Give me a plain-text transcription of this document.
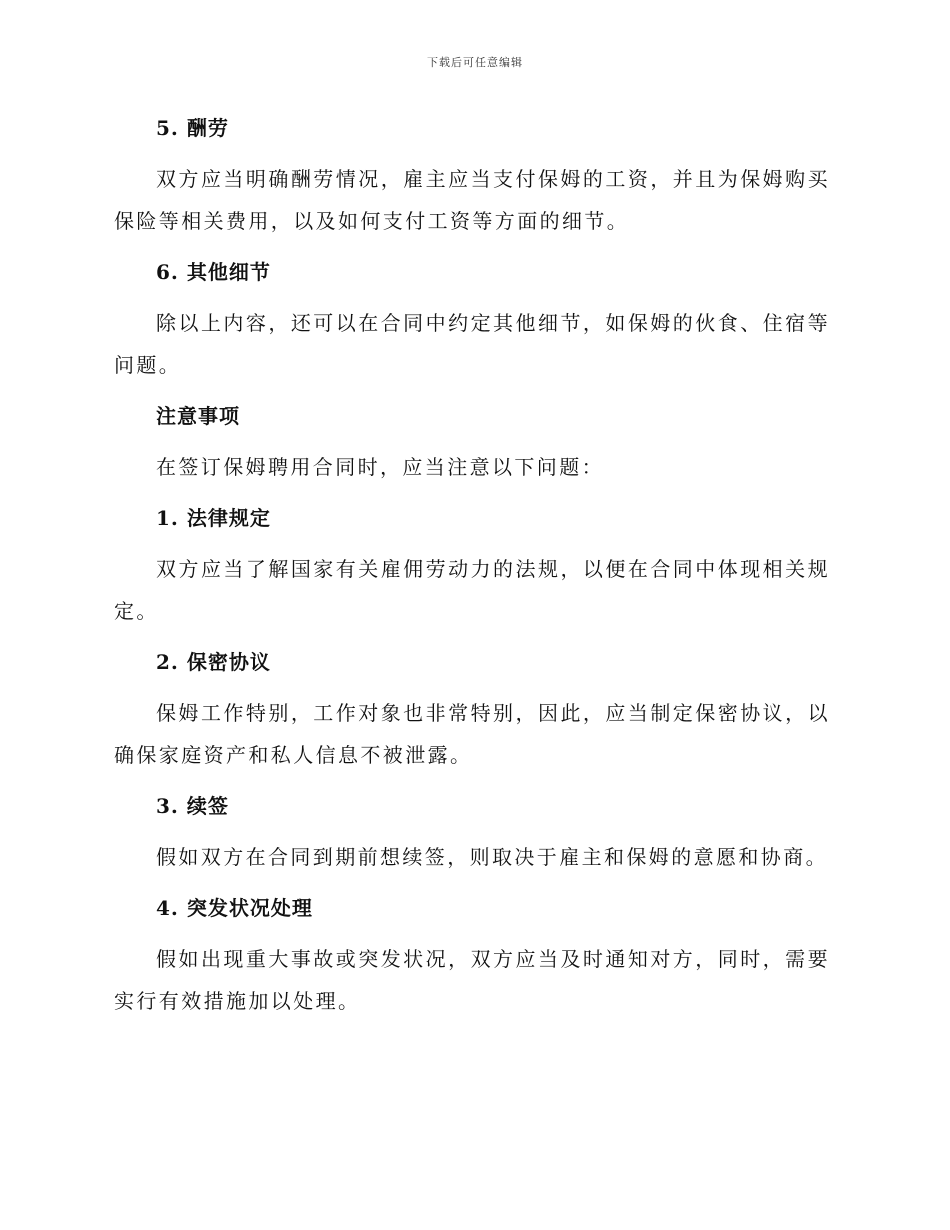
下载后可任意编辑
5. 酬劳

双方应当明确酬劳情况，雇主应当支付保姆的工资，并且为保姆购买保险等相关费用，以及如何支付工资等方面的细节。

6. 其他细节

除以上内容，还可以在合同中约定其他细节，如保姆的伙食、住宿等问题。

注意事项

在签订保姆聘用合同时，应当注意以下问题：

1. 法律规定

双方应当了解国家有关雇佣劳动力的法规，以便在合同中体现相关规定。

2. 保密协议

保姆工作特别，工作对象也非常特别，因此，应当制定保密协议，以确保家庭资产和私人信息不被泄露。

3. 续签

假如双方在合同到期前想续签，则取决于雇主和保姆的意愿和协商。

4. 突发状况处理

假如出现重大事故或突发状况，双方应当及时通知对方，同时，需要实行有效措施加以处理。
